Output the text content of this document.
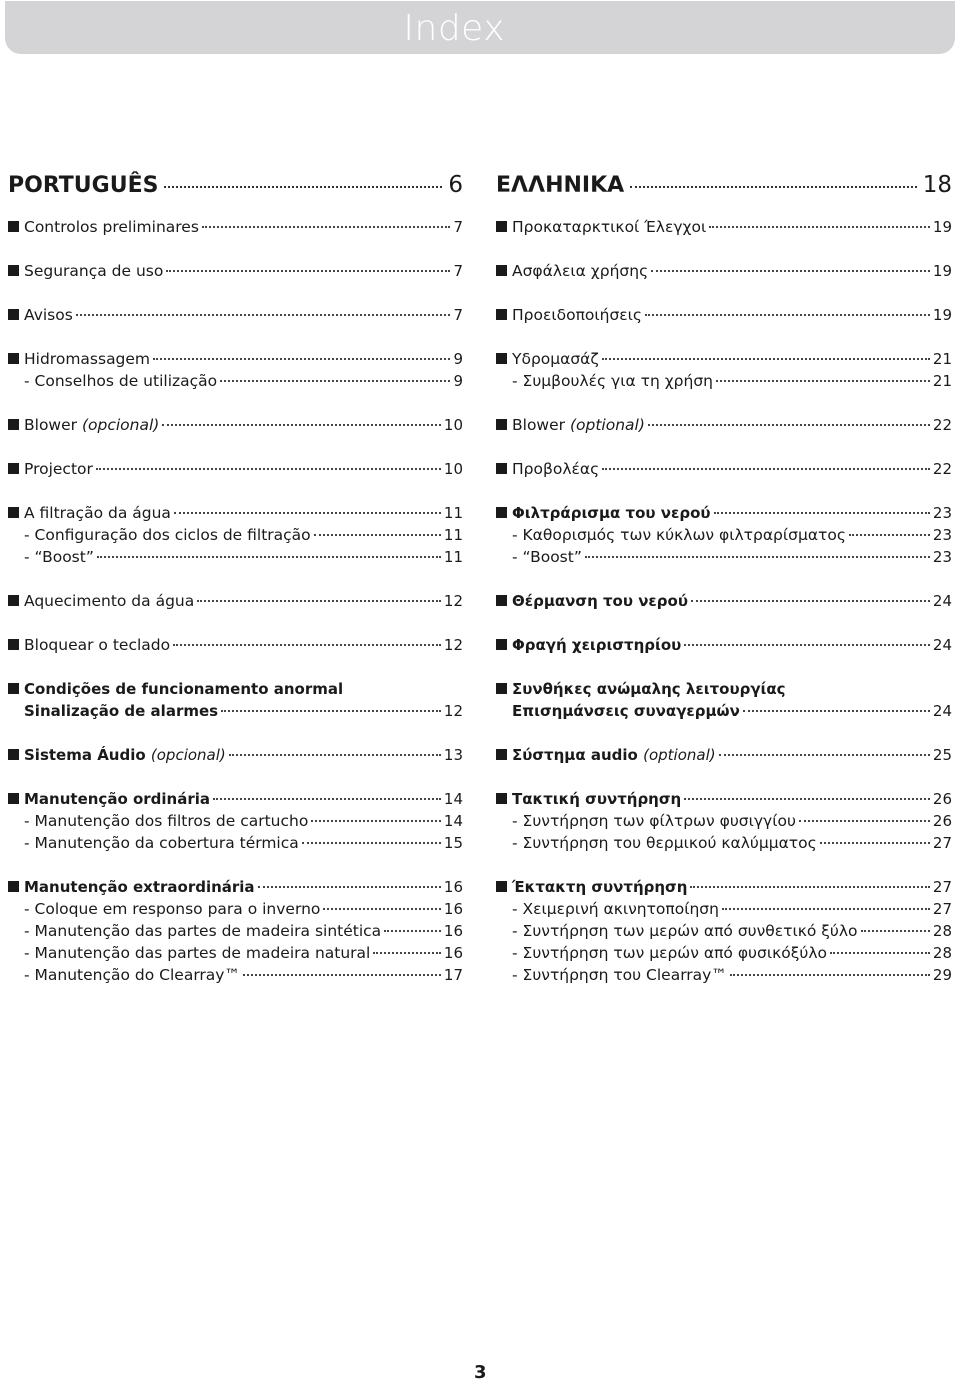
Index
PORTUGUÊS	6
Controlos preliminares	7
Segurança de uso	7
Avisos	7
Hidromassagem	9
- Conselhos de utilização	9
Blower (opcional)	10
Projector	10
A filtração da água	11
- Configuração dos ciclos de filtração	11
- “Boost”	11
Aquecimento da água	12
Bloquear o teclado	12
Condições de funcionamento anormal
Sinalização de alarmes	12
Sistema Áudio (opcional)	13
Manutenção ordinária	14
- Manutenção dos filtros de cartucho	14
- Manutenção da cobertura térmica	15
Manutenção extraordinária	16
- Coloque em responso para o inverno	16
- Manutenção das partes de madeira sintética	16
- Manutenção das partes de madeira natural	16
- Manutenção do Clearray™	17
ΕΛΛΗΝΙΚΑ	18
Προκαταρκτικοί Έλεγχοι	19
Ασφάλεια χρήσης	19
Προειδοποιήσεις	19
Υδρομασάζ	21
- Συμβουλές για τη χρήση	21
Blower (optional)	22
Προβολέας	22
Φιλτράρισμα του νερού	23
- Καθορισμός των κύκλων φιλτραρίσματος	23
- “Boost”	23
Θέρμανση του νερού	24
Φραγή χειριστηρίου	24
Συνθήκες ανώμαλης λειτουργίας
Επισημάνσεις συναγερμών	24
Σύστημα audio (optional)	25
Τακτική συντήρηση	26
- Συντήρηση των φίλτρων φυσιγγίου	26
- Συντήρηση του θερμικού καλύμματος	27
Έκτακτη συντήρηση	27
- Χειμερινή ακινητοποίηση	27
- Συντήρηση των μερών από συνθετικό ξύλο	28
- Συντήρηση των μερών από φυσικόξύλο	28
- Συντήρηση του Clearray™	29
3
